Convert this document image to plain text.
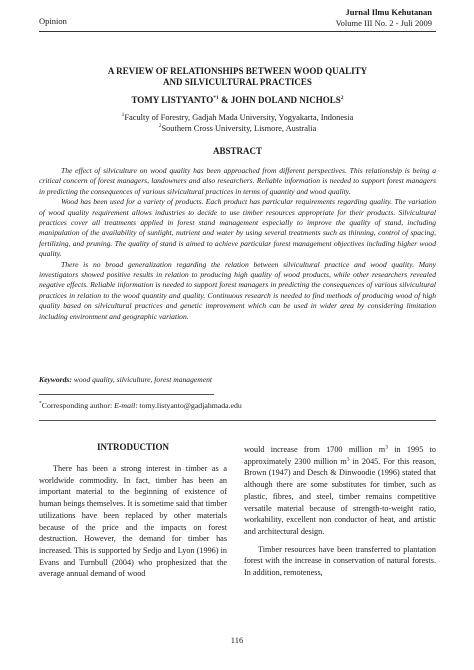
Opinion
Jurnal Ilmu Kehutanan
Volume III No. 2 - Juli 2009
A REVIEW OF RELATIONSHIPS BETWEEN WOOD QUALITY
AND SILVICULTURAL PRACTICES
TOMY LISTYANTO$^{*1}$ & JOHN DOLAND NICHOLS$^2$
$^1$Faculty of Forestry, Gadjah Mada University, Yogyakarta, Indonesia
$^2$Southern Cross University, Lismore, Australia
ABSTRACT

The effect of silviculture on wood quality has been approached from different perspectives. This relationship is being a critical concern of forest managers, landowners and also researchers. Reliable information is needed to support forest managers in predicting the consequences of various silvicultural practices in terms of quantity and wood quality.

Wood has been used for a variety of products. Each product has particular requirements regarding quality. The variation of wood quality requirement allows industries to decide to use timber resources appropriate for their products. Silvicultural practices cover all treatments applied in forest stand management especially to improve the quality of stand, including manipulation of the availability of sunlight, nutrient and water by using several treatments such as thinning, control of spacing, fertilizing, and pruning. The quality of stand is aimed to achieve particular forest management objectives including higher wood quality.

There is no broad generalization regarding the relation between silvicultural practice and wood quality. Many investigators showed positive results in relation to producing high quality of wood products, while other researchers revealed negative effects. Reliable information is needed to support forest managers in predicting the consequences of various silvicultural practices in relation to the wood quantity and quality. Continuous research is needed to find methods of producing wood of high quality based on silvicultural practices and genetic improvement which can be used in wider area by considering limitation including environment and geographic variation.

Keywords: wood quality, silviculture, forest management
*Corresponding author: E-mail: tomy.listyanto@gadjahmada.edu
INTRODUCTION

There has been a strong interest in timber as a worldwide commodity. In fact, timber has been an important material to the beginning of existence of human beings themselves. It is sometime said that timber utilizations have been replaced by other materials because of the price and the impacts on forest destruction. However, the demand for timber has increased. This is supported by Sedjo and Lyon (1996) in Evans and Turnbull (2004) who prophesized that the average annual demand of wood

would increase from 1700 million $m^3$ in 1995 to approximately 2300 million $m^3$ in 2045. For this reason, Brown (1947) and Desch & Dinwoodie (1996) stated that although there are some substitutes for timber, such as plastic, fibres, and steel, timber remains competitive versatile material because of strength-to-weight ratio, workability, excellent non conductor of heat, and artistic and architectural design.

Timber resources have been transferred to plantation forest with the increase in conservation of natural forests. In addition, remoteness,

116
